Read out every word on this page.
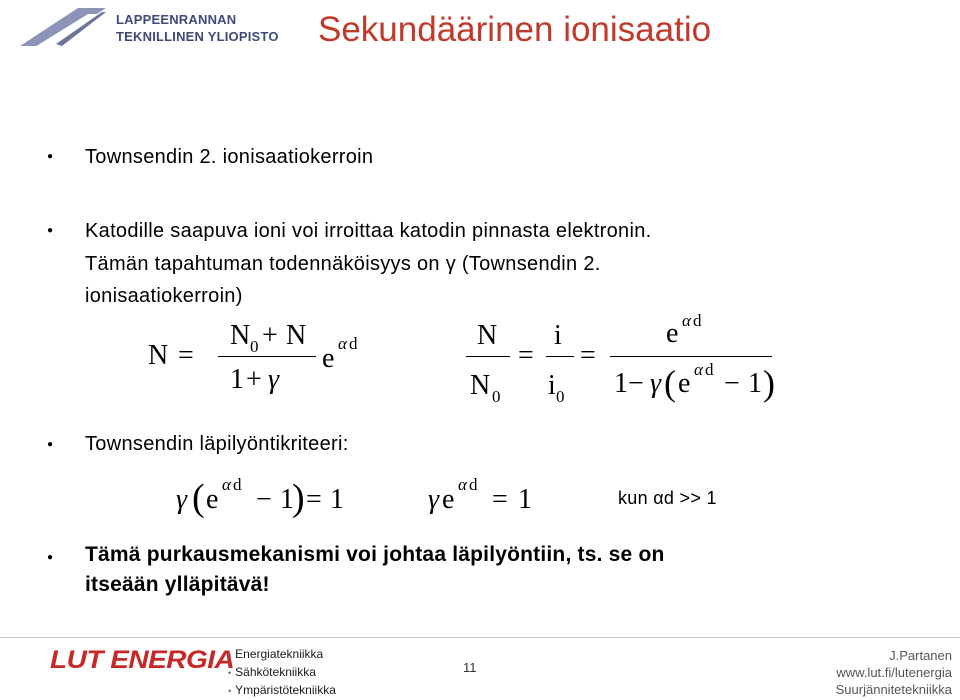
LAPPEENRANNAN
TEKNILLINEN YLIOPISTO Sekundäärinen ionisaatio
● Townsendin 2. ionisaatiokerroin
● Katodille saapuva ioni voi irroittaa katodin pinnasta elektronin.
Tämän tapahtuman todennäköisyys on γ (Townsendin 2.
ionisaatiokerroin)
N =
N 0 + N
1 + γ
e α d	N
N 0
=
i
i 0
=
e α d
1 − γ ( e α d − 1 )
● Townsendin läpilyöntikriteeri:
γ ( e α d − 1
) = 1	γ e α d = 1	kun αd >> 1
● Tämä purkausmekanismi voi johtaa läpilyöntiin, ts. se on
itseään ylläpitävä!
LUT ENERGIA
• Energiatekniikka
• Sähkötekniikka
• Ympäristötekniikka
11
J.Partanen
www.lut.fi/lutenergia
Suurjännitetekniikka
